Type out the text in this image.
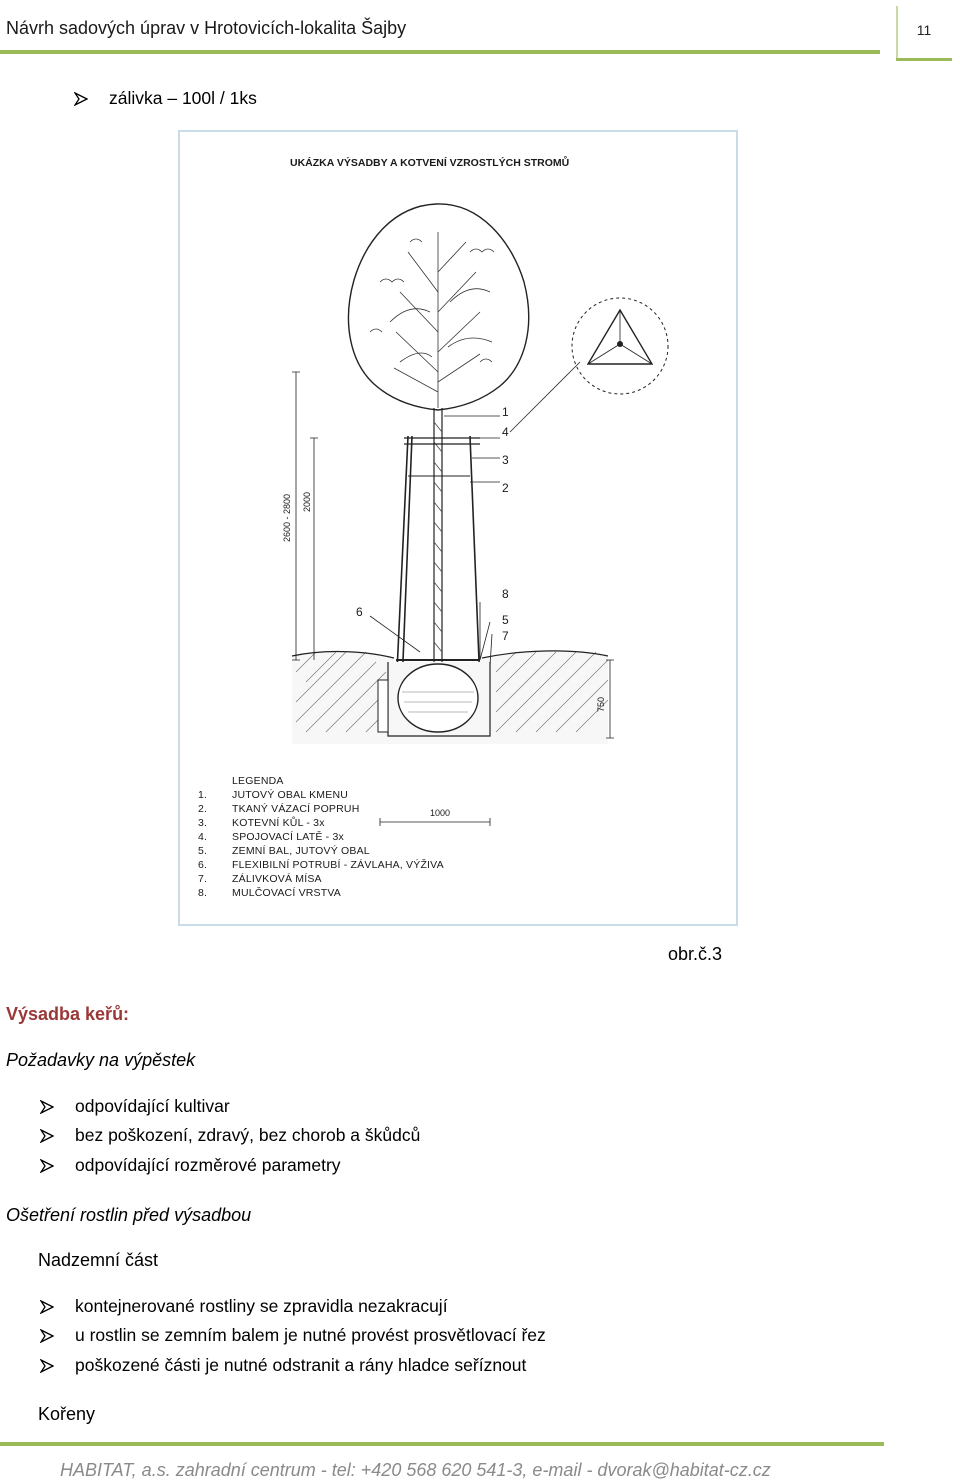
Návrh sadových úprav v Hrotovicích-lokalita Šajby	11
zálivka – 100l / 1ks
UKÁZKA VÝSADBY A KOTVENÍ VZROSTLÝCH STROMŮ
2600 - 2800 2000
750
1000
1
4
3
2
6
8
5
7
LEGENDA
1. JUTOVÝ OBAL KMENU
2. TKANÝ VÁZACÍ POPRUH
3. KOTEVNÍ KŮL - 3x
4. SPOJOVACÍ LATĚ - 3x
5. ZEMNÍ BAL, JUTOVÝ OBAL
6. FLEXIBILNÍ POTRUBÍ - ZÁVLAHA, VÝŽIVA
7. ZÁLIVKOVÁ MÍSA
8. MULČOVACÍ VRSTVA
obr.č.3
Výsadba keřů:
Požadavky na výpěstek
odpovídající kultivar
bez poškození, zdravý, bez chorob a škůdců
odpovídající rozměrové parametry
Ošetření rostlin před výsadbou
Nadzemní část
kontejnerované rostliny se zpravidla nezakracují
u rostlin se zemním balem je nutné provést prosvětlovací řez
poškozené části je nutné odstranit a rány hladce seříznout
Kořeny
HABITAT, a.s. zahradní centrum - tel: +420 568 620 541-3, e-mail - dvorak@habitat-cz.cz
